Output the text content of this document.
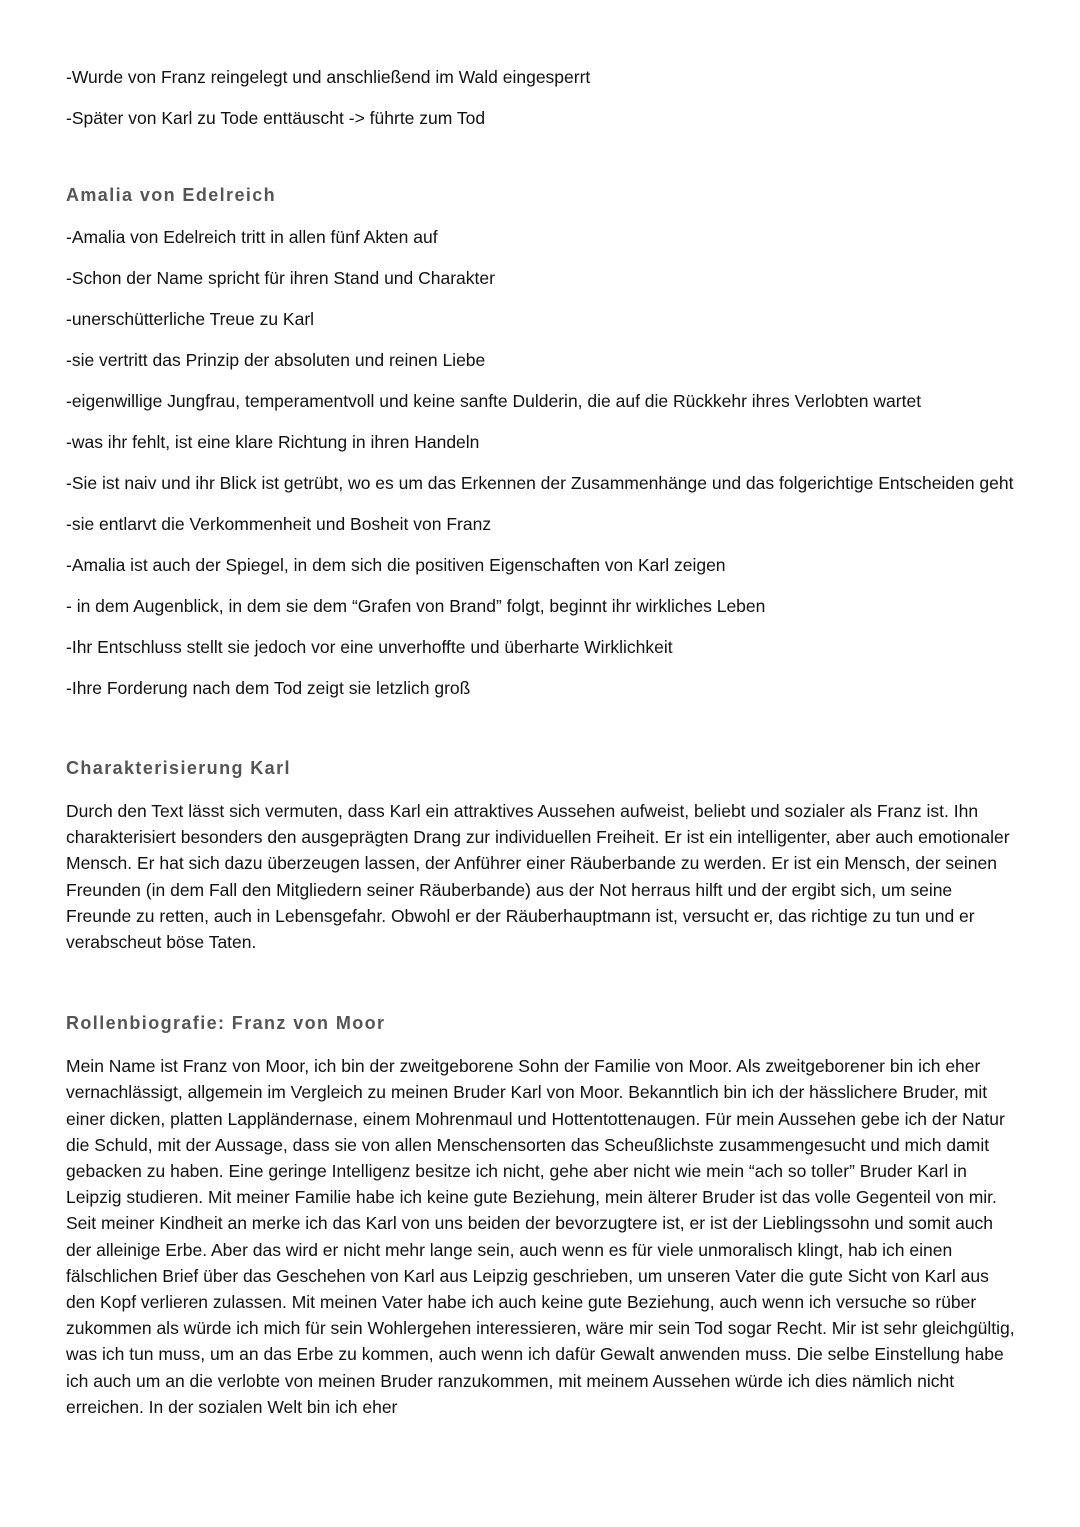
-Wurde von Franz reingelegt und anschließend im Wald eingesperrt

-Später von Karl zu Tode enttäuscht -> führte zum Tod

Amalia von Edelreich

-Amalia von Edelreich tritt in allen fünf Akten auf

-Schon der Name spricht für ihren Stand und Charakter

-unerschütterliche Treue zu Karl

-sie vertritt das Prinzip der absoluten und reinen Liebe

-eigenwillige Jungfrau, temperamentvoll und keine sanfte Dulderin, die auf die Rückkehr ihres Verlobten wartet

-was ihr fehlt, ist eine klare Richtung in ihren Handeln

-Sie ist naiv und ihr Blick ist getrübt, wo es um das Erkennen der Zusammenhänge und das folgerichtige Entscheiden geht

-sie entlarvt die Verkommenheit und Bosheit von Franz

-Amalia ist auch der Spiegel, in dem sich die positiven Eigenschaften von Karl zeigen

- in dem Augenblick, in dem sie dem “Grafen von Brand” folgt, beginnt ihr wirkliches Leben

-Ihr Entschluss stellt sie jedoch vor eine unverhoffte und überharte Wirklichkeit

-Ihre Forderung nach dem Tod zeigt sie letzlich groß

Charakterisierung Karl

Durch den Text lässt sich vermuten, dass Karl ein attraktives Aussehen aufweist, beliebt und sozialer als Franz ist. Ihn charakterisiert besonders den ausgeprägten Drang zur individuellen Freiheit. Er ist ein intelligenter, aber auch emotionaler Mensch. Er hat sich dazu überzeugen lassen, der Anführer einer Räuberbande zu werden. Er ist ein Mensch, der seinen Freunden (in dem Fall den Mitgliedern seiner Räuberbande) aus der Not herraus hilft und der ergibt sich, um seine Freunde zu retten, auch in Lebensgefahr. Obwohl er der Räuberhauptmann ist, versucht er, das richtige zu tun und er verabscheut böse Taten.

Rollenbiografie: Franz von Moor

Mein Name ist Franz von Moor, ich bin der zweitgeborene Sohn der Familie von Moor. Als zweitgeborener bin ich eher vernachlässigt, allgemein im Vergleich zu meinen Bruder Karl von Moor. Bekanntlich bin ich der hässlichere Bruder, mit einer dicken, platten Lappländernase, einem Mohrenmaul und Hottentottenaugen. Für mein Aussehen gebe ich der Natur die Schuld, mit der Aussage, dass sie von allen Menschensorten das Scheußlichste zusammengesucht und mich damit gebacken zu haben. Eine geringe Intelligenz besitze ich nicht, gehe aber nicht wie mein “ach so toller” Bruder Karl in Leipzig studieren. Mit meiner Familie habe ich keine gute Beziehung, mein älterer Bruder ist das volle Gegenteil von mir. Seit meiner Kindheit an merke ich das Karl von uns beiden der bevorzugtere ist, er ist der Lieblingssohn und somit auch der alleinige Erbe. Aber das wird er nicht mehr lange sein, auch wenn es für viele unmoralisch klingt, hab ich einen fälschlichen Brief über das Geschehen von Karl aus Leipzig geschrieben, um unseren Vater die gute Sicht von Karl aus den Kopf verlieren zulassen. Mit meinen Vater habe ich auch keine gute Beziehung, auch wenn ich versuche so rüber zukommen als würde ich mich für sein Wohlergehen interessieren, wäre mir sein Tod sogar Recht. Mir ist sehr gleichgültig, was ich tun muss, um an das Erbe zu kommen, auch wenn ich dafür Gewalt anwenden muss. Die selbe Einstellung habe ich auch um an die verlobte von meinen Bruder ranzukommen, mit meinem Aussehen würde ich dies nämlich nicht erreichen. In der sozialen Welt bin ich eher
